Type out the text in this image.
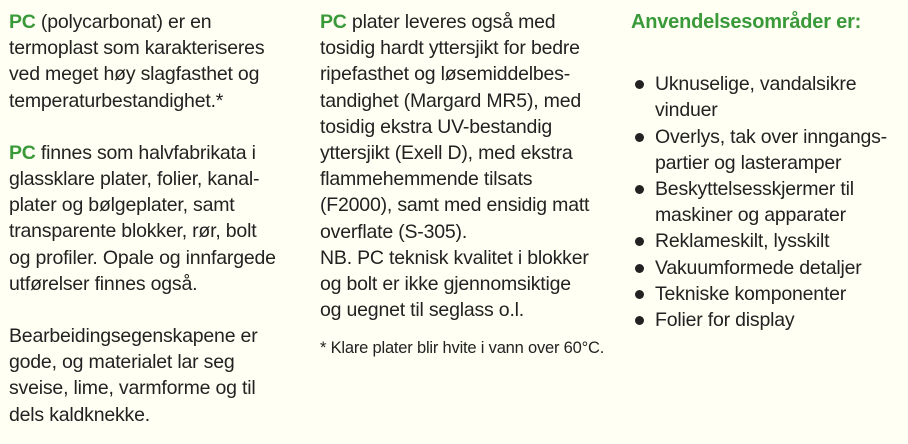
PC (polycarbonat) er en
termoplast som karakteriseres
ved meget høy slagfasthet og
temperaturbestandighet.*
PC finnes som halvfabrikata i
glassklare plater, folier, kanal-
plater og bølgeplater, samt
transparente blokker, rør, bolt
og profiler. Opale og innfargede
utførelser finnes også.
Bearbeidingsegenskapene er
gode, og materialet lar seg
sveise, lime, varmforme og til
dels kaldknekke.
PC plater leveres også med
tosidig hardt yttersjikt for bedre
ripefasthet og løsemiddelbes-
tandighet (Margard MR5), med
tosidig ekstra UV-bestandig
yttersjikt (Exell D), med ekstra
flammehemmende tilsats
(F2000), samt med ensidig matt
overflate (S-305).
NB. PC teknisk kvalitet i blokker
og bolt er ikke gjennomsiktige
og uegnet til seglass o.l.
* Klare plater blir hvite i vann over 60°C.
Anvendelsesområder er:
Uknuselige, vandalsikre
vinduer
Overlys, tak over inngangs-
partier og lasteramper
Beskyttelsesskjermer til
maskiner og apparater
Reklameskilt, lysskilt
Vakuumformede detaljer
Tekniske komponenter
Folier for display
